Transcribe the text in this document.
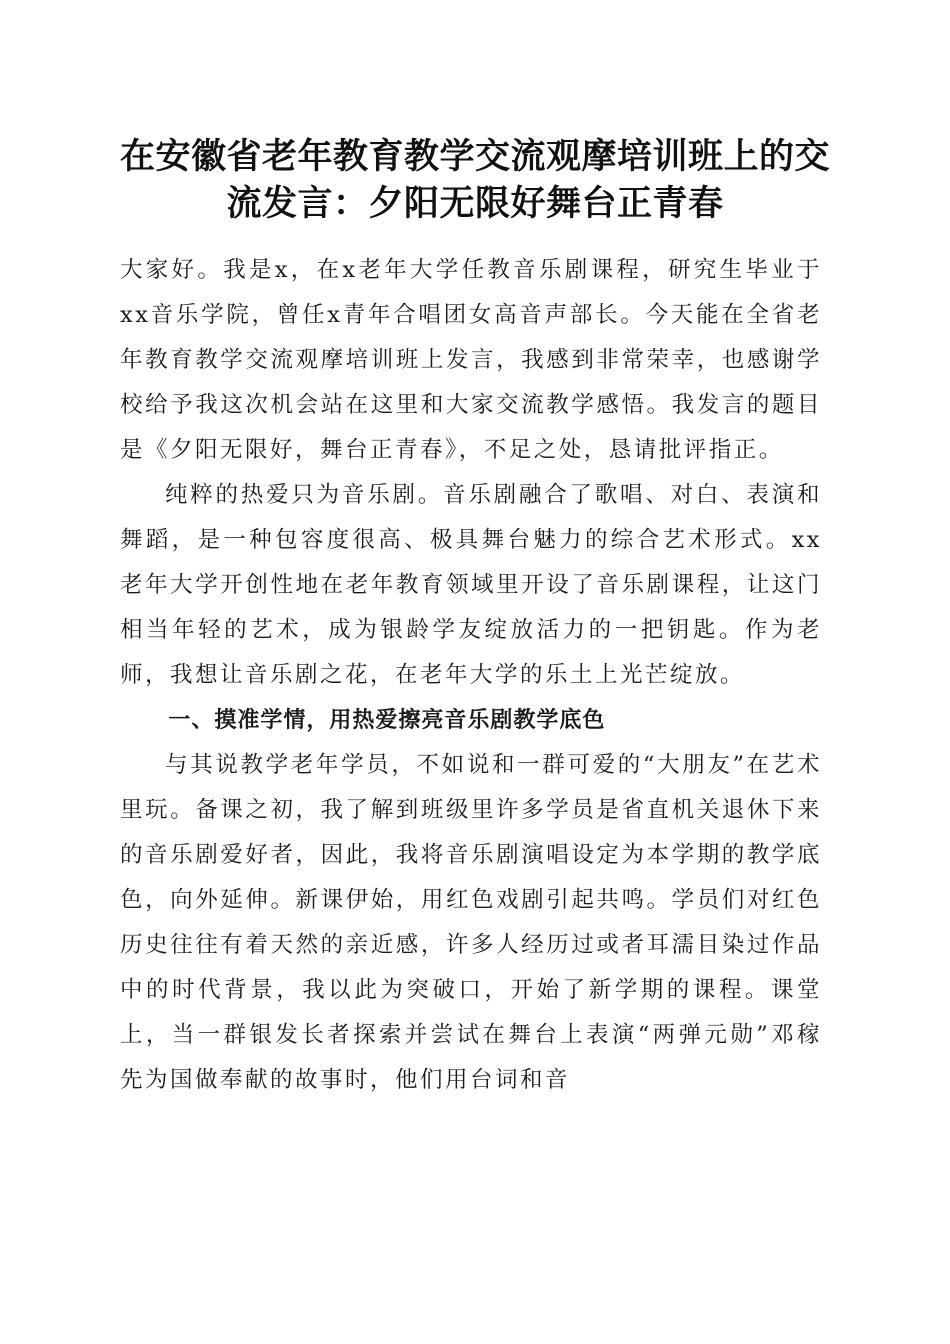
在安徽省老年教育教学交流观摩培训班上的交
流发言：夕阳无限好舞台正青春

大家好。我是x，在x老年大学任教音乐剧课程，研究生毕业于xx音乐学院，曾任x青年合唱团女高音声部长。今天能在全省老年教育教学交流观摩培训班上发言，我感到非常荣幸，也感谢学校给予我这次机会站在这里和大家交流教学感悟。我发言的题目是《夕阳无限好，舞台正青春》，不足之处，恳请批评指正。

纯粹的热爱只为音乐剧。音乐剧融合了歌唱、对白、表演和舞蹈，是一种包容度很高、极具舞台魅力的综合艺术形式。xx老年大学开创性地在老年教育领域里开设了音乐剧课程，让这门相当年轻的艺术，成为银龄学友绽放活力的一把钥匙。作为老师，我想让音乐剧之花，在老年大学的乐土上光芒绽放。

一、摸准学情，用热爱擦亮音乐剧教学底色

与其说教学老年学员，不如说和一群可爱的“大朋友”在艺术里玩。备课之初，我了解到班级里许多学员是省直机关退休下来的音乐剧爱好者，因此，我将音乐剧演唱设定为本学期的教学底色，向外延伸。新课伊始，用红色戏剧引起共鸣。学员们对红色历史往往有着天然的亲近感，许多人经历过或者耳濡目染过作品中的时代背景，我以此为突破口，开始了新学期的课程。课堂上，当一群银发长者探索并尝试在舞台上表演“两弹元勋”邓稼先为国做奉献的故事时，他们用台词和音
